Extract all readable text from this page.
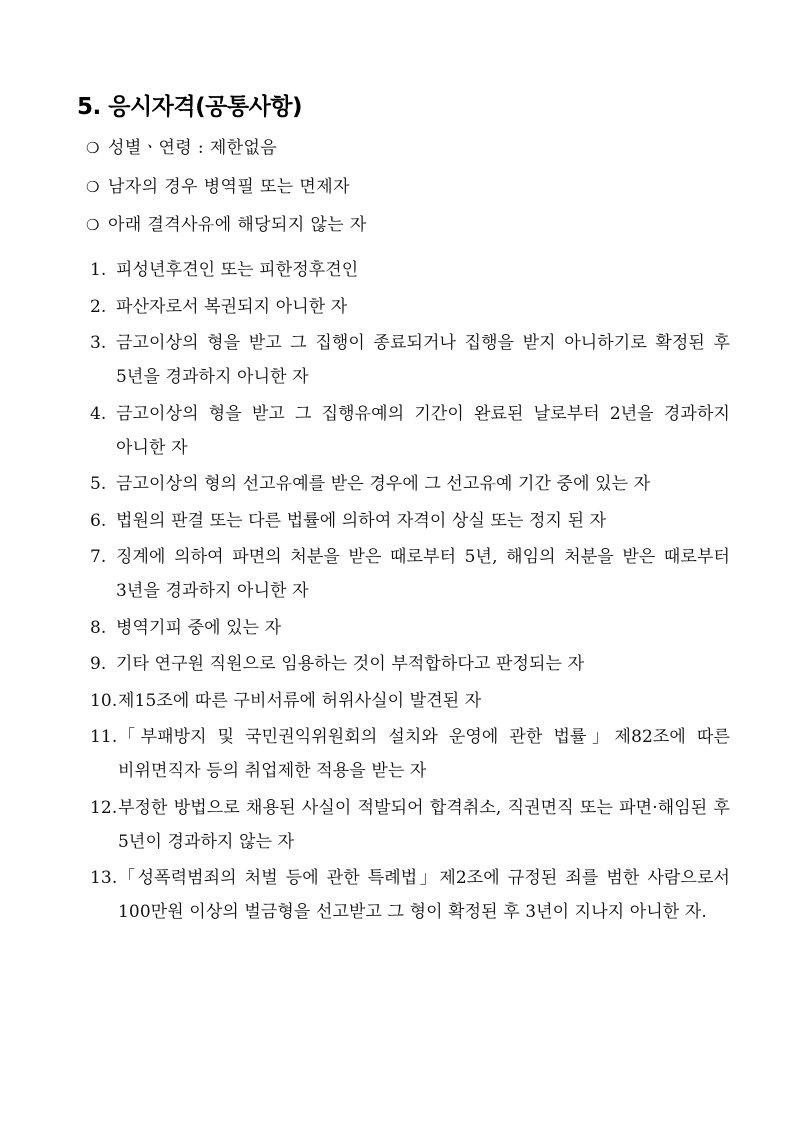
5. 응시자격(공통사항)
❍ 성별ㆍ연령 : 제한없음
❍ 남자의 경우 병역필 또는 면제자
❍ 아래 결격사유에 해당되지 않는 자
1. 피성년후견인 또는 피한정후견인
2. 파산자로서 복권되지 아니한 자
3. 금고이상의 형을 받고 그 집행이 종료되거나 집행을 받지 아니하기로 확정된 후 5년을 경과하지 아니한 자
4. 금고이상의 형을 받고 그 집행유예의 기간이 완료된 날로부터 2년을 경과하지 아니한 자
5. 금고이상의 형의 선고유예를 받은 경우에 그 선고유예 기간 중에 있는 자
6. 법원의 판결 또는 다른 법률에 의하여 자격이 상실 또는 정지 된 자
7. 징계에 의하여 파면의 처분을 받은 때로부터 5년, 해임의 처분을 받은 때로부터 3년을 경과하지 아니한 자
8. 병역기피 중에 있는 자
9. 기타 연구원 직원으로 임용하는 것이 부적합하다고 판정되는 자
10. 제15조에 따른 구비서류에 허위사실이 발견된 자
11. 「부패방지 및 국민권익위원회의 설치와 운영에 관한 법률」제82조에 따른 비위면직자 등의 취업제한 적용을 받는 자
12. 부정한 방법으로 채용된 사실이 적발되어 합격취소, 직권면직 또는 파면·해임된 후 5년이 경과하지 않는 자
13. 「성폭력범죄의 처벌 등에 관한 특례법」제2조에 규정된 죄를 범한 사람으로서 100만원 이상의 벌금형을 선고받고 그 형이 확정된 후 3년이 지나지 아니한 자.
